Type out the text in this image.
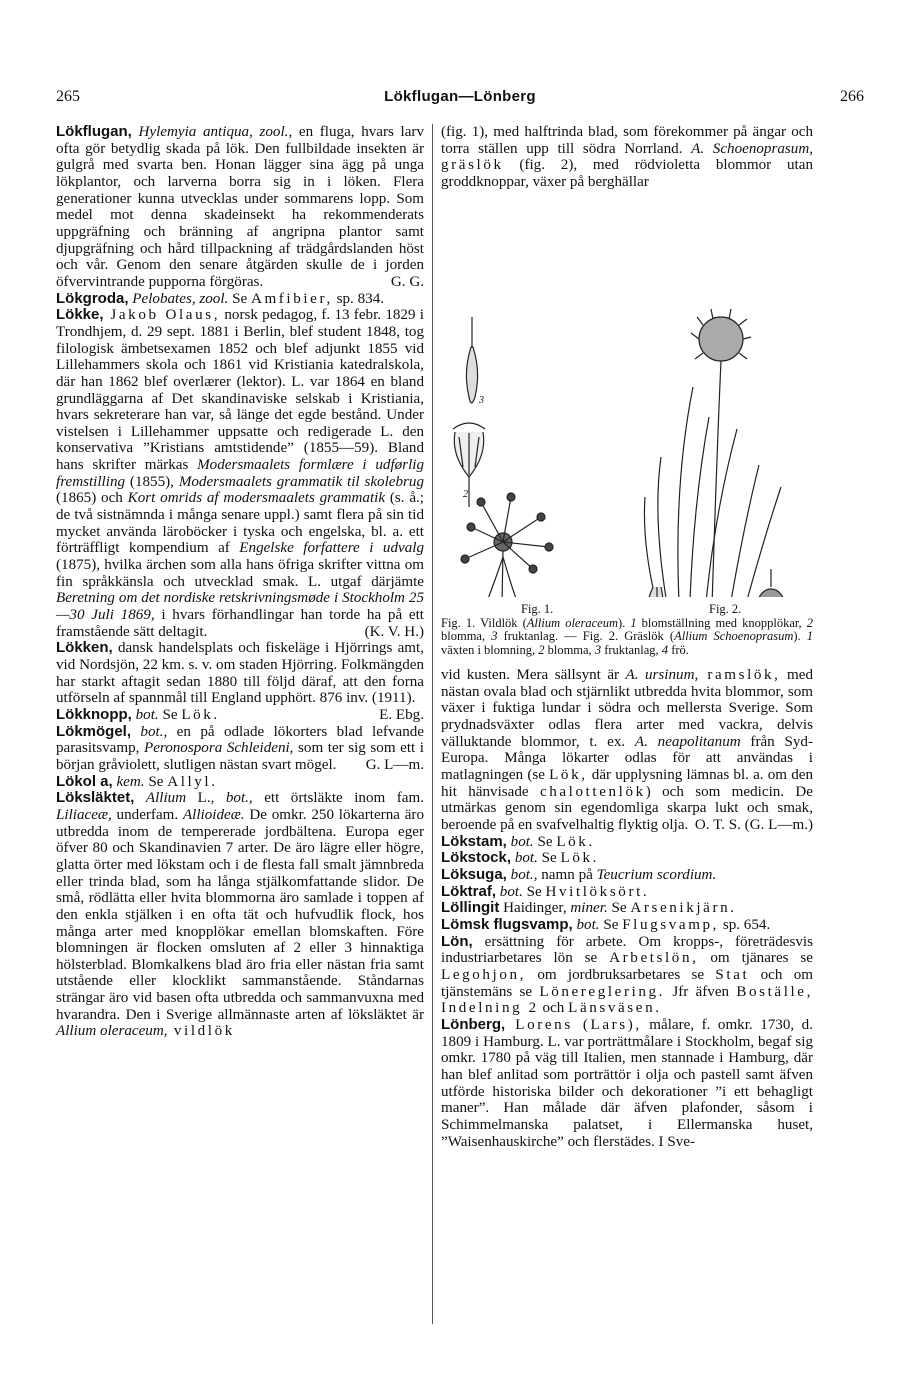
265	Lökflugan—Lönberg	266

Lökflugan, Hylemyia antiqua, zool., en fluga, hvars larv ofta gör betydlig skada på lök. Den fullbildade insekten är gulgrå med svarta ben. Honan lägger sina ägg på unga lökplantor, och larverna borra sig in i löken. Flera generationer kunna utvecklas under sommarens lopp. Som medel mot denna skadeinsekt ha rekommenderats uppgräfning och bränning af angripna plantor samt djupgräfning och hård tillpackning af trädgårdslanden höst och vår. Genom den senare åtgärden skulle de i jorden öfvervintrande pupporna förgöras.	G. G.

Lökgroda, Pelobates, zool. Se Amfibier, sp. 834.

Lökke, Jakob Olaus, norsk pedagog, f. 13 febr. 1829 i Trondhjem, d. 29 sept. 1881 i Berlin, blef student 1848, tog filologisk ämbetsexamen 1852 och blef adjunkt 1855 vid Lillehammers skola och 1861 vid Kristiania katedralskola, där han 1862 blef overlærer (lektor). L. var 1864 en bland grundläggarna af Det skandinaviske selskab i Kristiania, hvars sekreterare han var, så länge det egde bestånd. Under vistelsen i Lillehammer uppsatte och redigerade L. den konservativa ”Kristians amtstidende” (1855—59). Bland hans skrifter märkas Modersmaalets formlære i udførlig fremstilling (1855), Modersmaalets grammatik til skolebrug (1865) och Kort omrids af modersmaalets grammatik (s. å.; de två sistnämnda i många senare uppl.) samt flera på sin tid mycket använda läroböcker i tyska och engelska, bl. a. ett förträffligt kompendium af Engelske forfattere i udvalg (1875), hvilka ärchen som alla hans öfriga skrifter vittna om fin språkkänsla och utvecklad smak. L. utgaf därjämte Beretning om det nordiske retskrivningsmøde i Stockholm 25—30 Juli 1869, i hvars förhandlingar han torde ha på ett framstående sätt deltagit.	(K. V. H.)

Lökken, dansk handelsplats och fiskeläge i Hjörrings amt, vid Nordsjön, 22 km. s. v. om staden Hjörring. Folkmängden har starkt aftagit sedan 1880 till följd däraf, att den forna utförseln af spannmål till England upphört. 876 inv. (1911).
E. Ebg.

Lökknopp, bot. Se Lök.

Lökmögel, bot., en på odlade lökorters blad lefvande parasitsvamp, Peronospora Schleideni, som ter sig som ett i början gråviolett, slutligen nästan svart mögel. G. L—m.

Lökol a, kem. Se Allyl.

Löksläktet, Allium L., bot., ett örtsläkte inom fam. Liliaceæ, underfam. Allioideæ. De omkr. 250 lökarterna äro utbredda inom de tempererade jordbältena. Europa eger öfver 80 och Skandinavien 7 arter. De äro lägre eller högre, glatta örter med lökstam och i de flesta fall smalt jämnbreda eller trinda blad, som ha långa stjälkomfattande slidor. De små, rödlätta eller hvita blommorna äro samlade i toppen af den enkla stjälken i en ofta tät och hufvudlik flock, hos många arter med knopplökar emellan blomskaften. Före blomningen är flocken omsluten af 2 eller 3 hinnaktiga hölsterblad. Blomkalkens blad äro fria eller nästan fria samt utstående eller klocklikt sammanstående. Ståndarnas strängar äro vid basen ofta utbredda och sammanvuxna med hvarandra. Den i Sverige allmännaste arten af löksläktet är Allium oleraceum, vildlök

(fig. 1), med halftrinda blad, som förekommer på ängar och torra ställen upp till södra Norrland. A. Schoenoprasum, gräslök (fig. 2), med rödvioletta blommor utan groddknoppar, växer på berghällar

3
2
Fig. 1.	Fig. 2.

Fig. 1. Vildlök (Allium oleraceum). 1 blomställning med knopplökar, 2 blomma, 3 fruktanlag. — Fig. 2. Gräslök (Allium Schoenoprasum). 1 växten i blomning, 2 blomma, 3 fruktanlag, 4 frö.

vid kusten. Mera sällsynt är A. ursinum, ramslök, med nästan ovala blad och stjärnlikt utbredda hvita blommor, som växer i fuktiga lundar i södra och mellersta Sverige. Som prydnadsväxter odlas flera arter med vackra, delvis välluktande blommor, t. ex. A. neapolitanum från Syd-Europa. Många lökarter odlas för att användas i matlagningen (se Lök, där upplysning lämnas bl. a. om den hit hänvisade chalottenlök) och som medicin. De utmärkas genom sin egendomliga skarpa lukt och smak, beroende på en svafvelhaltig flyktig olja. O. T. S. (G. L—m.)

Lökstam, bot. Se Lök.

Lökstock, bot. Se Lök.

Löksuga, bot., namn på Teucrium scordium.

Löktraf, bot. Se Hvitlöksört.

Löllingit Haidinger, miner. Se Arsenikjärn.

Lömsk flugsvamp, bot. Se Flugsvamp, sp. 654.

Lön, ersättning för arbete. Om kropps-, företrädesvis industriarbetares lön se Arbetslön, om tjänares se Legohjon, om jordbruksarbetares se Stat och om tjänstemäns se Lönereglering. Jfr äfven Boställe, Indelning 2 och Länsväsen.

Lönberg, Lorens (Lars), målare, f. omkr. 1730, d. 1809 i Hamburg. L. var porträttmålare i Stockholm, begaf sig omkr. 1780 på väg till Italien, men stannade i Hamburg, där han blef anlitad som porträttör i olja och pastell samt äfven utförde historiska bilder och dekorationer ”i ett behagligt maner”. Han målade där äfven plafonder, såsom i Schimmelmanska palatset, i Ellermanska huset, ”Waisenhauskirche” och flerstädes. I Sve-
